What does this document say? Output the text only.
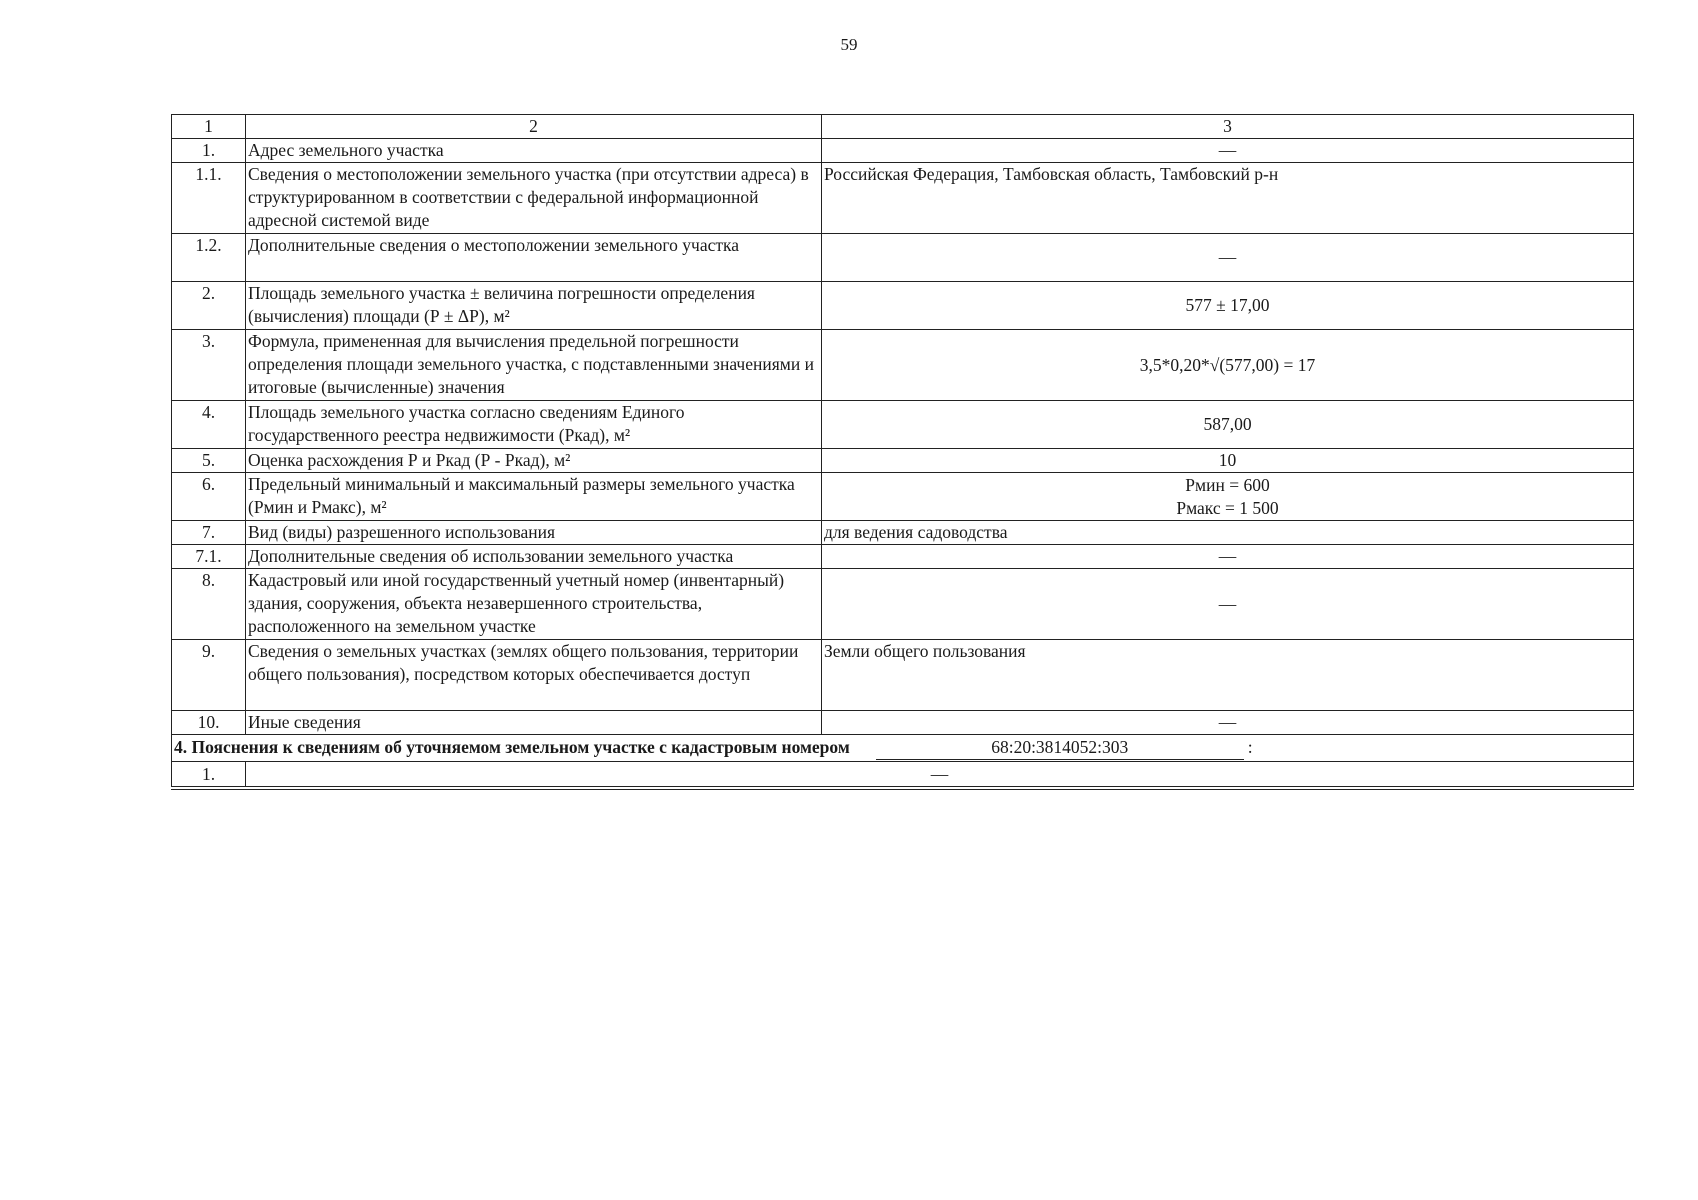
59
1	2	3
1.	Адрес земельного участка	—
1.1.	Сведения о местоположении земельного участка (при отсутствии адреса) в структурированном в соответствии с федеральной информационной адресной системой виде	Российская Федерация, Тамбовская область, Тамбовский р-н
1.2.	Дополнительные сведения о местоположении земельного участка	—
2.	Площадь земельного участка ± величина погрешности определения (вычисления) площади (Р ± ΔР), м²	577 ± 17,00
3.	Формула, примененная для вычисления предельной погрешности определения площади земельного участка, с подставленными значениями и итоговые (вычисленные) значения	3,5*0,20*√(577,00) = 17
4.	Площадь земельного участка согласно сведениям Единого государственного реестра недвижимости (Ркад), м²	587,00
5.	Оценка расхождения Р и Ркад (Р - Ркад), м²	10
6.	Предельный минимальный и максимальный размеры земельного участка (Рмин и Рмакс), м²	Рмин = 600
Рмакс = 1 500

7.	Вид (виды) разрешенного использования	для ведения садоводства
7.1.	Дополнительные сведения об использовании земельного участка	—
8.	Кадастровый или иной государственный учетный номер (инвентарный) здания, сооружения, объекта незавершенного строительства, расположенного на земельном участке	—
9.	Сведения о земельных участках (землях общего пользования, территории общего пользования), посредством которых обеспечивается доступ	Земли общего пользования
10.	Иные сведения	—
4. Пояснения к сведениям об уточняемом земельном участке с кадастровым номером 68:20:3814052:303 :		
1.	—	
